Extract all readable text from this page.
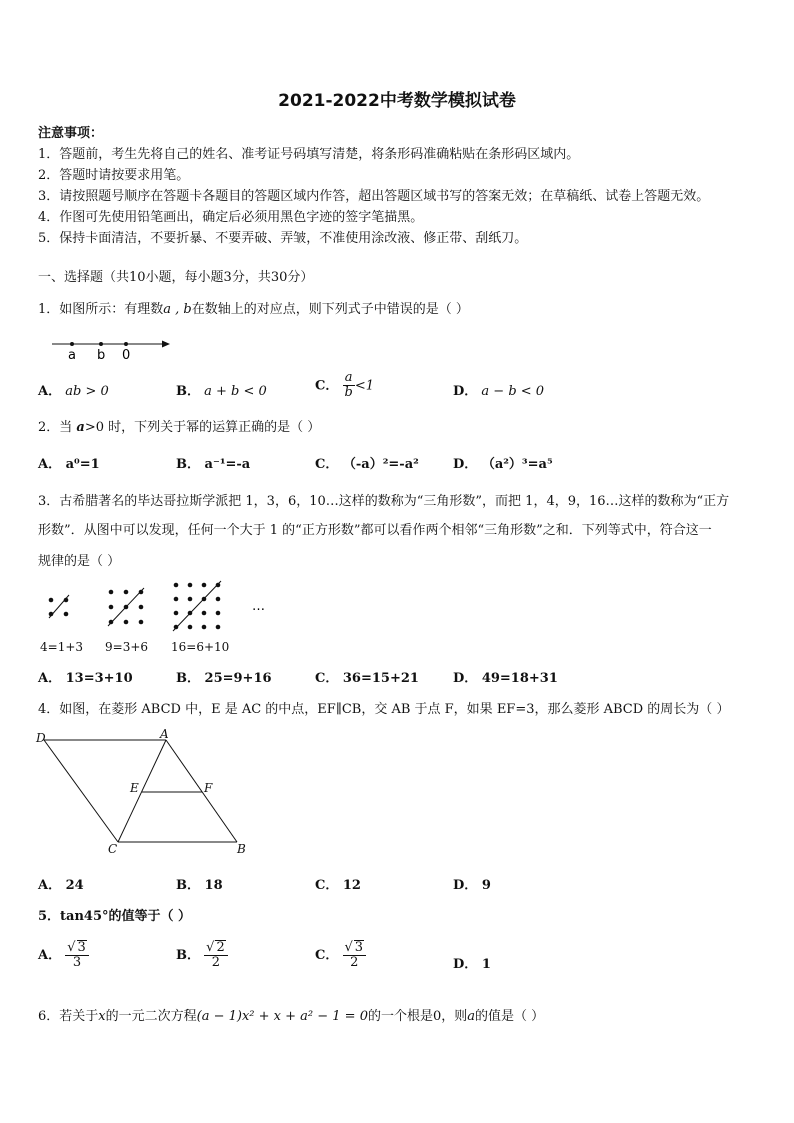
2021-2022中考数学模拟试卷
注意事项：
1．答题前，考生先将自己的姓名、准考证号码填写清楚，将条形码准确粘贴在条形码区域内。
2．答题时请按要求用笔。
3．请按照题号顺序在答题卡各题目的答题区域内作答，超出答题区域书写的答案无效；在草稿纸、试卷上答题无效。
4．作图可先使用铅笔画出，确定后必须用黑色字迹的签字笔描黑。
5．保持卡面清洁，不要折暴、不要弄破、弄皱，不准使用涂改液、修正带、刮纸刀。
一、选择题（共10小题，每小题3分，共30分）
1．如图所示：有理数a , b在数轴上的对应点，则下列式子中错误的是（ ）
a b 0
A． ab > 0	B． a + b < 0	C． $\frac{a}{b} <1$	D． a − b < 0
2．当 a>0 时，下列关于幂的运算正确的是（ ）
A． a⁰=1	B． a⁻¹=-a	C． （-a）²=-a²	D． （a²）³=a⁵
3．古希腊著名的毕达哥拉斯学派把 1，3，6，10…这样的数称为“三角形数”，而把 1，4，9，16…这样的数称为“正方
形数”．从图中可以发现，任何一个大于 1 的“正方形数”都可以看作两个相邻“三角形数”之和．下列等式中，符合这一
规律的是（ ）
…
4=1+3 9=3+6 16=6+10
A． 13=3+10	B． 25=9+16	C． 36=15+21	D． 49=18+31
4．如图，在菱形 ABCD 中，E 是 AC 的中点，EF∥CB，交 AB 于点 F，如果 EF=3，那么菱形 ABCD 的周长为（ ）
D	A
E	F
C	B
A． 24	B． 18	C． 12	D． 9
5．tan45°的值等于（ ）
A． $\frac{√ 3}{3}$	B． $\frac{√ 2}{2}$	C． $\frac{√ 3}{2}$	D． 1
6．若关于x的一元二次方程(a − 1)x² + x + a² − 1 = 0的一个根是0，则a的值是（ ）
